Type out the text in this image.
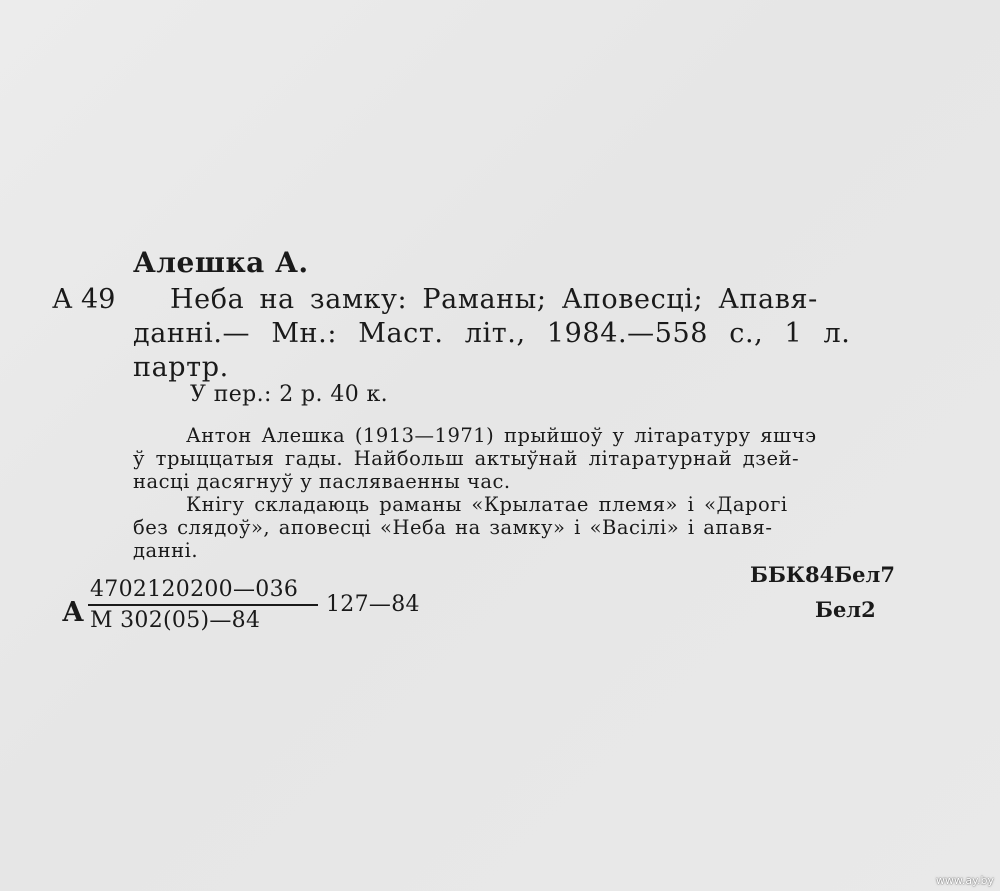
Алешка А.
А 49 Неба на замку: Раманы; Аповесці; Апавя-
данні.— Мн.: Маст. літ., 1984.—558 с., 1 л.
партр.
У пер.: 2 р. 40 к.
Антон Алешка (1913—1971) прыйшоў у літаратуру яшчэ
ў трыццатыя гады. Найбольш актыўнай літаратурнай дзей-
насці дасягнуў у пасляваенны час.
Кнігу складаюць раманы «Крылатае племя» і «Дарогі
без слядоў», аповесці «Неба на замку» і «Васілі» і апавя-
данні.
А
4702120200—036
М 302(05)—84
127—84
ББК84Бел7
Бел2
www.ay.by
